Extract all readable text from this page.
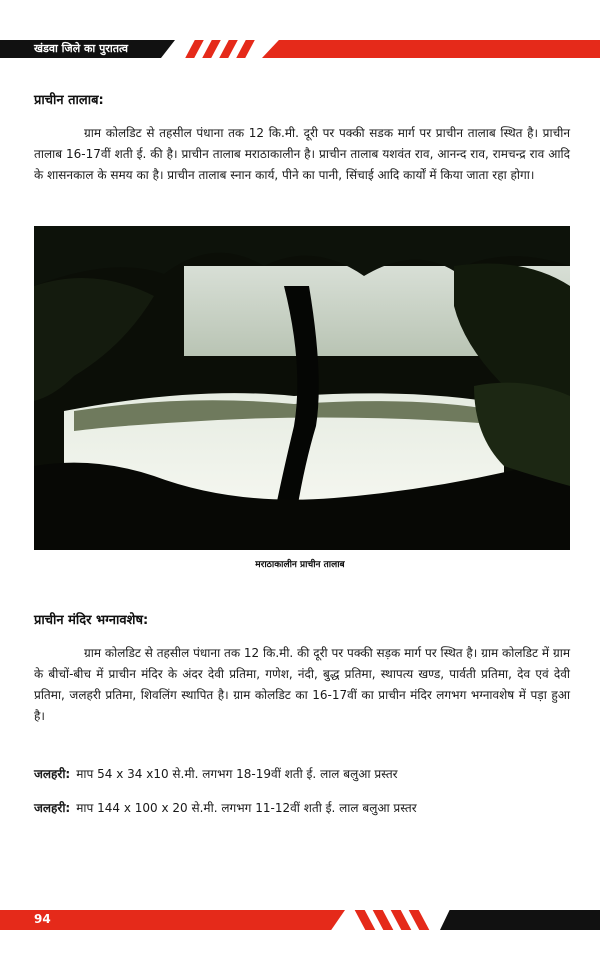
खंडवा जिले का पुरातत्व
प्राचीन तालाब:

ग्राम कोलडिट से तहसील पंधाना तक 12 कि.मी. दूरी पर पक्की सडक मार्ग पर प्राचीन तालाब स्थित है। प्राचीन तालाब 16-17वीं शती ई. की है। प्राचीन तालाब मराठाकालीन है। प्राचीन तालाब यशवंत राव, आनन्द राव, रामचन्द्र राव आदि के शासनकाल के समय का है। प्राचीन तालाब स्नान कार्य, पीने का पानी, सिंचाई आदि कार्यों में किया जाता रहा होगा।

मराठाकालीन प्राचीन तालाब
प्राचीन मंदिर भग्नावशेष:

ग्राम कोलडिट से तहसील पंधाना तक 12 कि.मी. की दूरी पर पक्की सड़क मार्ग पर स्थित है। ग्राम कोलडिट में ग्राम के बीचों-बीच में प्राचीन मंदिर के अंदर देवी प्रतिमा, गणेश, नंदी, बुद्ध प्रतिमा, स्थापत्य खण्ड, पार्वती प्रतिमा, देव एवं देवी प्रतिमा, जलहरी प्रतिमा, शिवलिंग स्थापित है। ग्राम कोलडिट का 16-17वीं का प्राचीन मंदिर लगभग भग्नावशेष में पड़ा हुआ है।

जलहरी: माप 54 x 34 x10 से.मी. लगभग 18-19वीं शती ई. लाल बलुआ प्रस्तर
जलहरी: माप 144 x 100 x 20 से.मी. लगभग 11-12वीं शती ई. लाल बलुआ प्रस्तर
94
